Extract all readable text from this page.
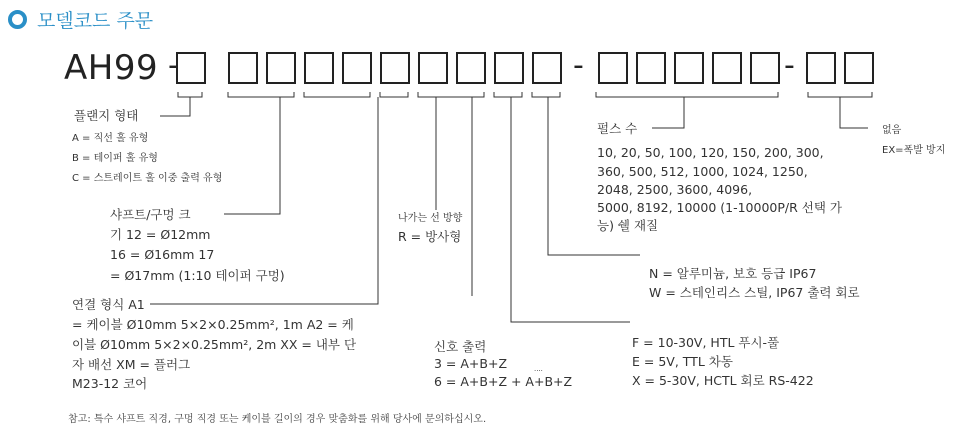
모델코드 주문
AH99 -	-	-
플랜지 형태
A = 직선 홀 유형
B = 테이퍼 홀 유형
C = 스트레이트 홀 이중 출력 유형
샤프트/구멍 크
기 12 = Ø12mm
16 = Ø16mm 17
= Ø17mm (1:10 테이퍼 구멍)
연결 형식 A1
= 케이블 Ø10mm 5×2×0.25mm², 1m A2 = 케
이블 Ø10mm 5×2×0.25mm², 2m XX = 내부 단
자 배선 XM = 플러그
M23-12 코어
나가는 선 방향
R = 방사형
신호 출력
3 = A+B+Z	....
6 = A+B+Z + A+B+Z
펄스 수
10, 20, 50, 100, 120, 150, 200, 300,
360, 500, 512, 1000, 1024, 1250,
2048, 2500, 3600, 4096,
5000, 8192, 10000 (1-10000P/R 선택 가
능) 쉘 재질
N = 알루미늄, 보호 등급 IP67
W = 스테인리스 스틸, IP67 출력 회로
F = 10-30V, HTL 푸시-풀
E = 5V, TTL 차동
X = 5-30V, HCTL 회로 RS-422
없음
EX=폭발 방지
참고: 특수 샤프트 직경, 구멍 직경 또는 케이블 길이의 경우 맞춤화를 위해 당사에 문의하십시오.
